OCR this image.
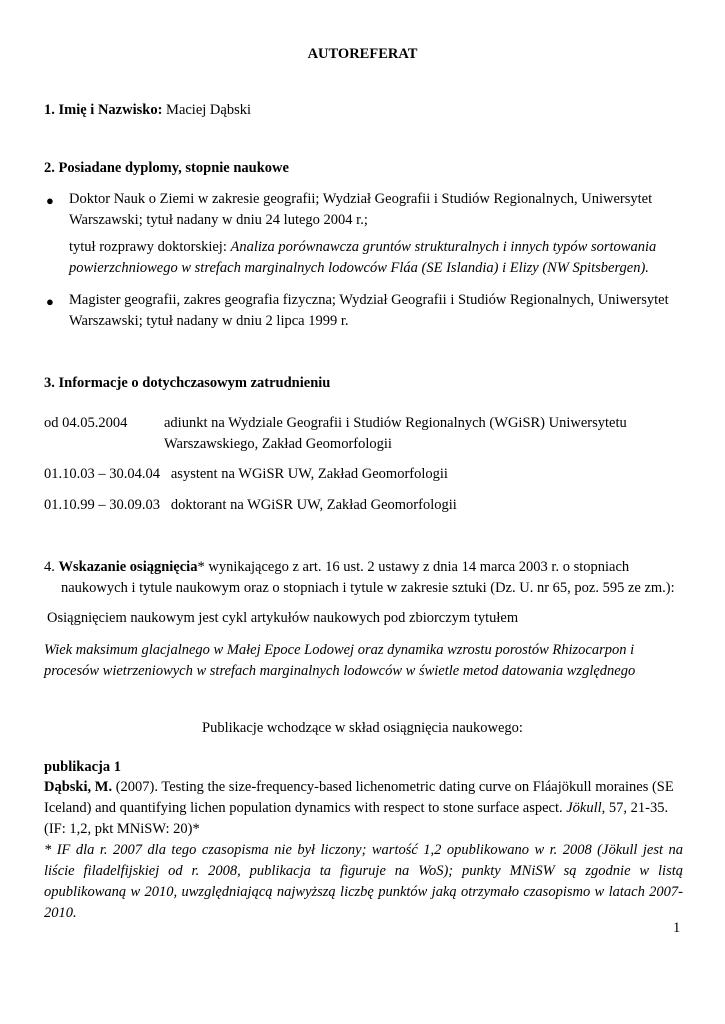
AUTOREFERAT
1. Imię i Nazwisko: Maciej Dąbski
2. Posiadane dyplomy, stopnie naukowe
● Doktor Nauk o Ziemi w zakresie geografii; Wydział Geografii i Studiów Regionalnych, Uniwersytet
Warszawski; tytuł nadany w dniu 24 lutego 2004 r.;
tytuł rozprawy doktorskiej: Analiza porównawcza gruntów strukturalnych i innych typów sortowania
powierzchniowego w strefach marginalnych lodowców Fláa (SE Islandia) i Elizy (NW Spitsbergen).
● Magister geografii, zakres geografia fizyczna; Wydział Geografii i Studiów Regionalnych, Uniwersytet
Warszawski; tytuł nadany w dniu 2 lipca 1999 r.
3. Informacje o dotychczasowym zatrudnieniu
od 04.05.2004	adiunkt na Wydziale Geografii i Studiów Regionalnych (WGiSR) Uniwersytetu
Warszawskiego, Zakład Geomorfologii
01.10.03 – 30.04.04 asystent na WGiSR UW, Zakład Geomorfologii
01.10.99 – 30.09.03 doktorant na WGiSR UW, Zakład Geomorfologii
4. Wskazanie osiągnięcia* wynikającego z art. 16 ust. 2 ustawy z dnia 14 marca 2003 r. o stopniach
naukowych i tytule naukowym oraz o stopniach i tytule w zakresie sztuki (Dz. U. nr 65, poz. 595 ze zm.):
Osiągnięciem naukowym jest cykl artykułów naukowych pod zbiorczym tytułem
Wiek maksimum glacjalnego w Małej Epoce Lodowej oraz dynamika wzrostu porostów Rhizocarpon i
procesów wietrzeniowych w strefach marginalnych lodowców w świetle metod datowania względnego
Publikacje wchodzące w skład osiągnięcia naukowego:
publikacja 1
Dąbski, M. (2007). Testing the size-frequency-based lichenometric dating curve on Fláajökull moraines (SE
Iceland) and quantifying lichen population dynamics with respect to stone surface aspect. Jökull, 57, 21-35.
(IF: 1,2, pkt MNiSW: 20)*
* IF dla r. 2007 dla tego czasopisma nie był liczony; wartość 1,2 opublikowano w r. 2008 (Jökull jest na
liście filadelfijskiej od r. 2008, publikacja ta figuruje na WoS); punkty MNiSW są zgodnie w listą
opublikowaną w 2010, uwzględniającą najwyższą liczbę punktów jaką otrzymało czasopismo w latach 2007-
2010.
1
